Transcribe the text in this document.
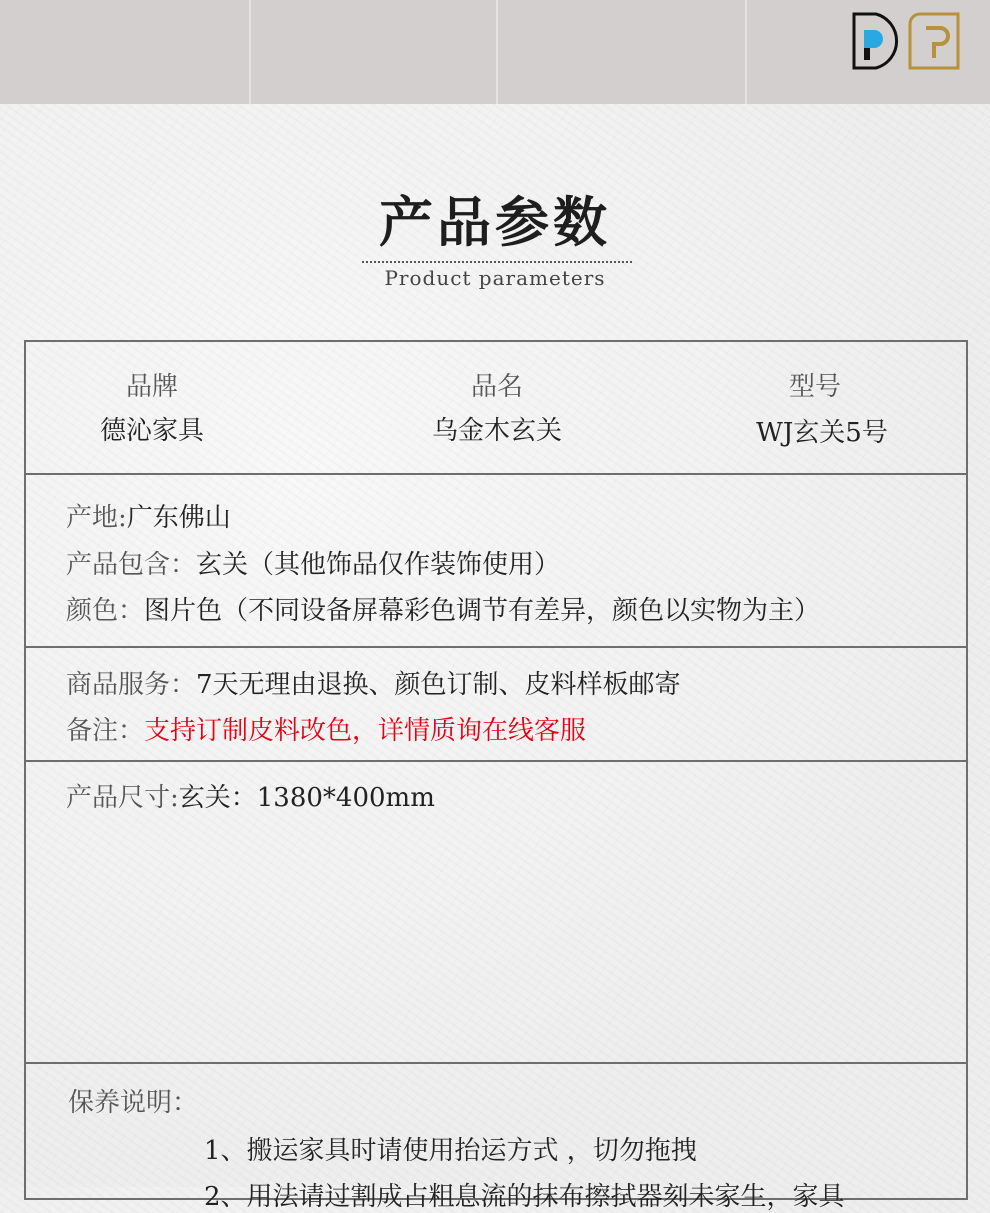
产品参数
Product parameters
品牌
德沁家具
品名
乌金木玄关
型号
WJ玄关5号
产地:广东佛山
产品包含：玄关（其他饰品仅作装饰使用）
颜色：图片色（不同设备屏幕彩色调节有差异，颜色以实物为主）
商品服务：7天无理由退换、颜色订制、皮料样板邮寄
备注：支持订制皮料改色，详情质询在线客服
产品尺寸:玄关：1380*400mm
保养说明：
1、搬运家具时请使用抬运方式 ，切勿拖拽
2、用法请过割成占粗息流的抹布擦拭器刻未家生，家具
